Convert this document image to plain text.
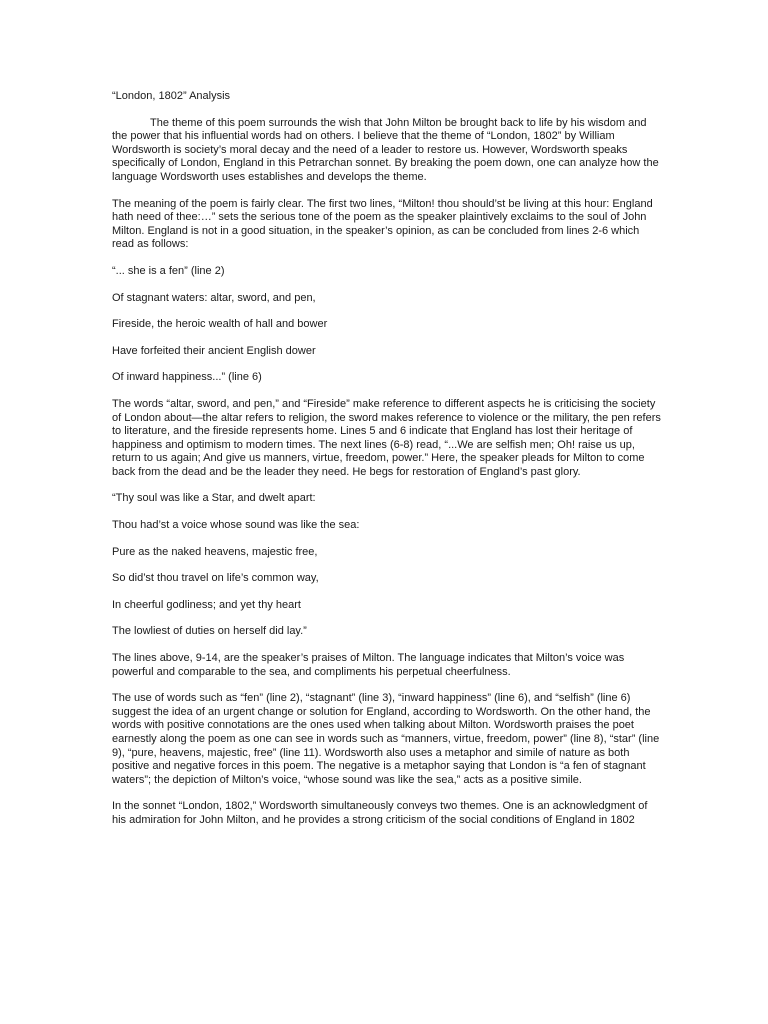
“London, 1802” Analysis

The theme of this poem surrounds the wish that John Milton be brought back to life by his wisdom and the power that his influential words had on others. I believe that the theme of “London, 1802” by William Wordsworth is society’s moral decay and the need of a leader to restore us. However, Wordsworth speaks specifically of London, England in this Petrarchan sonnet. By breaking the poem down, one can analyze how the language Wordsworth uses establishes and develops the theme.

The meaning of the poem is fairly clear. The first two lines, “Milton! thou should’st be living at this hour: England hath need of thee:…” sets the serious tone of the poem as the speaker plaintively exclaims to the soul of John Milton. England is not in a good situation, in the speaker’s opinion, as can be concluded from lines 2-6 which read as follows:

“... she is a fen” (line 2)

Of stagnant waters: altar, sword, and pen,

Fireside, the heroic wealth of hall and bower

Have forfeited their ancient English dower

Of inward happiness...” (line 6)

The words “altar, sword, and pen,” and “Fireside” make reference to different aspects he is criticising the society of London about—the altar refers to religion, the sword makes reference to violence or the military, the pen refers to literature, and the fireside represents home. Lines 5 and 6 indicate that England has lost their heritage of happiness and optimism to modern times. The next lines (6-8) read, “...We are selfish men; Oh! raise us up, return to us again; And give us manners, virtue, freedom, power.” Here, the speaker pleads for Milton to come back from the dead and be the leader they need. He begs for restoration of England’s past glory.

“Thy soul was like a Star, and dwelt apart:

Thou had’st a voice whose sound was like the sea:

Pure as the naked heavens, majestic free,

So did’st thou travel on life’s common way,

In cheerful godliness; and yet thy heart

The lowliest of duties on herself did lay.”

The lines above, 9-14, are the speaker’s praises of Milton. The language indicates that Milton’s voice was powerful and comparable to the sea, and compliments his perpetual cheerfulness.

The use of words such as “fen” (line 2), “stagnant” (line 3), “inward happiness” (line 6), and “selfish” (line 6) suggest the idea of an urgent change or solution for England, according to Wordsworth. On the other hand, the words with positive connotations are the ones used when talking about Milton. Wordsworth praises the poet earnestly along the poem as one can see in words such as “manners, virtue, freedom, power” (line 8), “star” (line 9), “pure, heavens, majestic, free” (line 11). Wordsworth also uses a metaphor and simile of nature as both positive and negative forces in this poem. The negative is a metaphor saying that London is “a fen of stagnant waters”; the depiction of Milton’s voice, “whose sound was like the sea,” acts as a positive simile.

In the sonnet “London, 1802,” Wordsworth simultaneously conveys two themes. One is an acknowledgment of his admiration for John Milton, and he provides a strong criticism of the social conditions of England in 1802
